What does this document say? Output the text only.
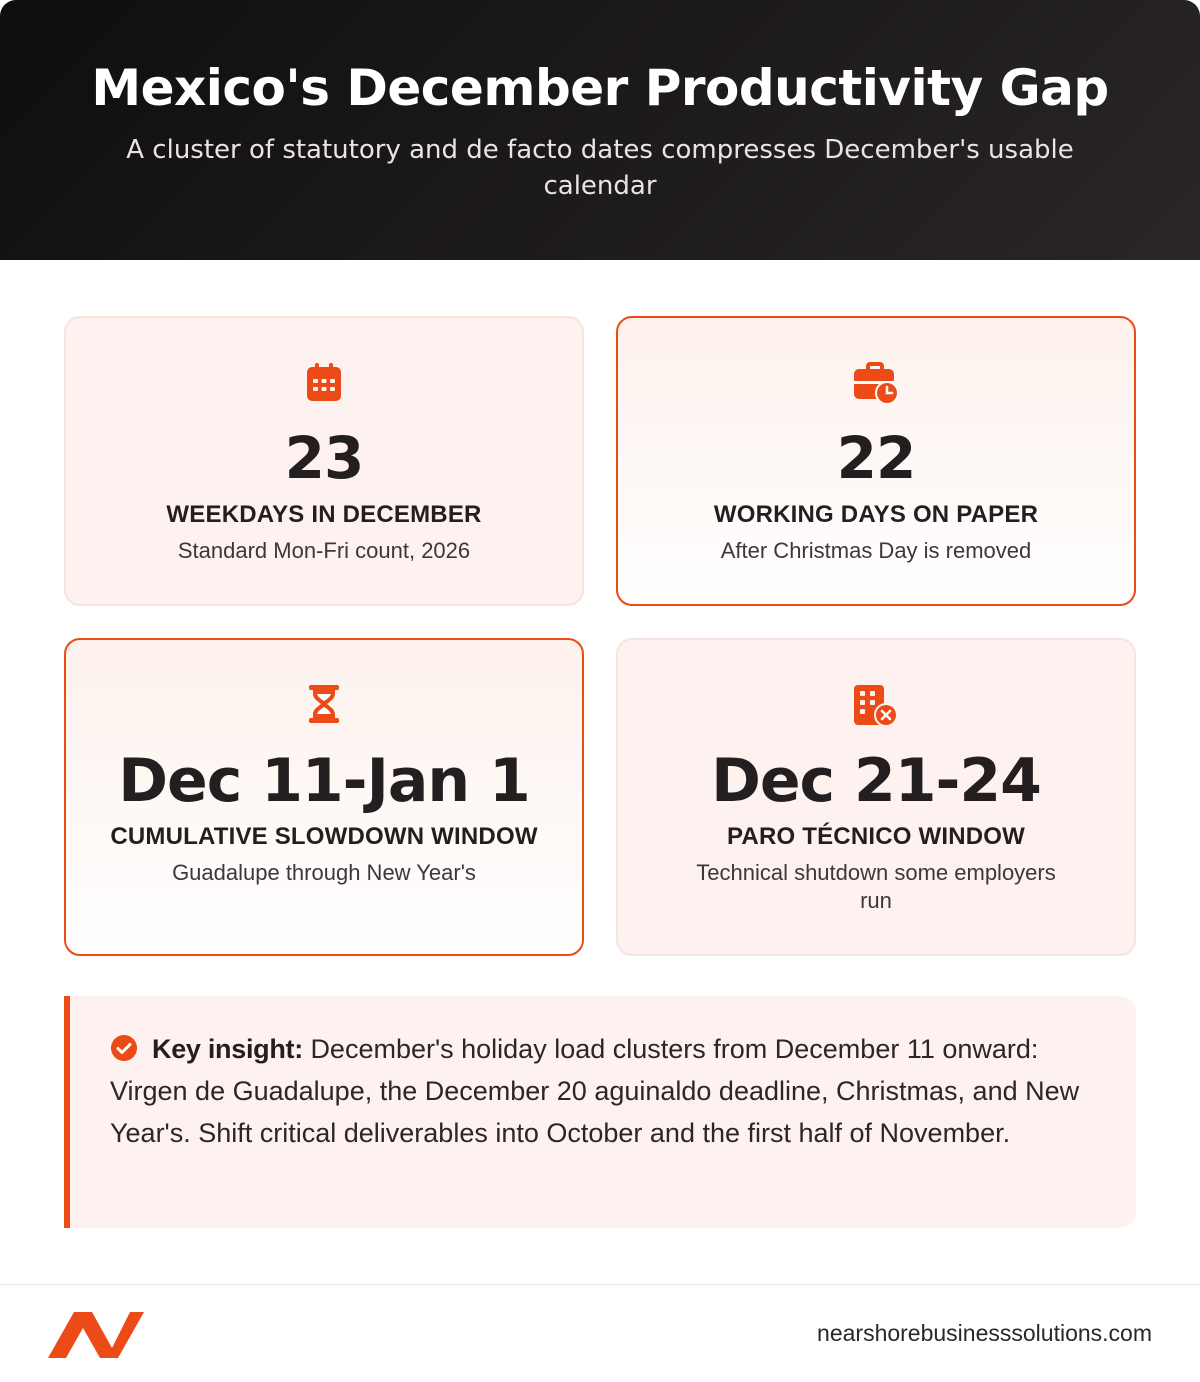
Mexico's December Productivity Gap

A cluster of statutory and de facto dates compresses December's usable calendar

23
WEEKDAYS IN DECEMBER
Standard Mon-Fri count, 2026
22
WORKING DAYS ON PAPER
After Christmas Day is removed
Dec 11-Jan 1
CUMULATIVE SLOWDOWN WINDOW
Guadalupe through New Year's
Dec 21-24
PARO TÉCNICO WINDOW
Technical shutdown some employers run
Key insight: December's holiday load clusters from December 11 onward: Virgen de Guadalupe, the December 20 aguinaldo deadline, Christmas, and New Year's. Shift critical deliverables into October and the first half of November.
nearshorebusinesssolutions.com
